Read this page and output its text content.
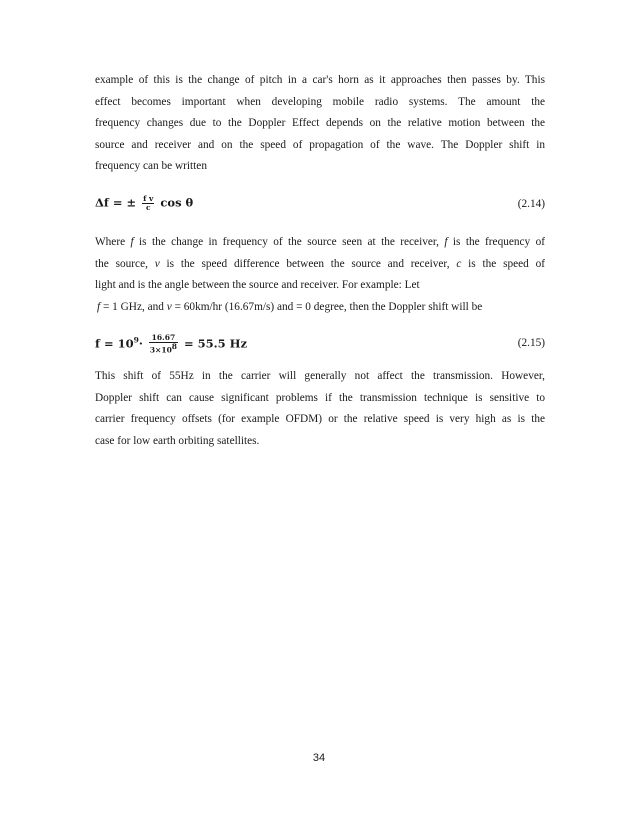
example of this is the change of pitch in a car's horn as it approaches then passes by. This
effect becomes important when developing mobile radio systems. The amount the
frequency changes due to the Doppler Effect depends on the relative motion between the
source and receiver and on the speed of propagation of the wave. The Doppler shift in
frequency can be written
Δf = ± $\frac{\text{f v}}{c}$ cos θ	(2.14)
Where f is the change in frequency of the source seen at the receiver, f is the frequency of
the source, v is the speed difference between the source and receiver, c is the speed of
light and is the angle between the source and receiver. For example: Let
f = 1 GHz, and v = 60km/hr (16.67m/s) and = 0 degree, then the Doppler shift will be
$f = 10^9\cdot \frac{16.67}{3\times 10^8} = 55.5$ Hz	(2.15)
This shift of 55Hz in the carrier will generally not affect the transmission. However,
Doppler shift can cause significant problems if the transmission technique is sensitive to
carrier frequency offsets (for example OFDM) or the relative speed is very high as is the
case for low earth orbiting satellites.
34
